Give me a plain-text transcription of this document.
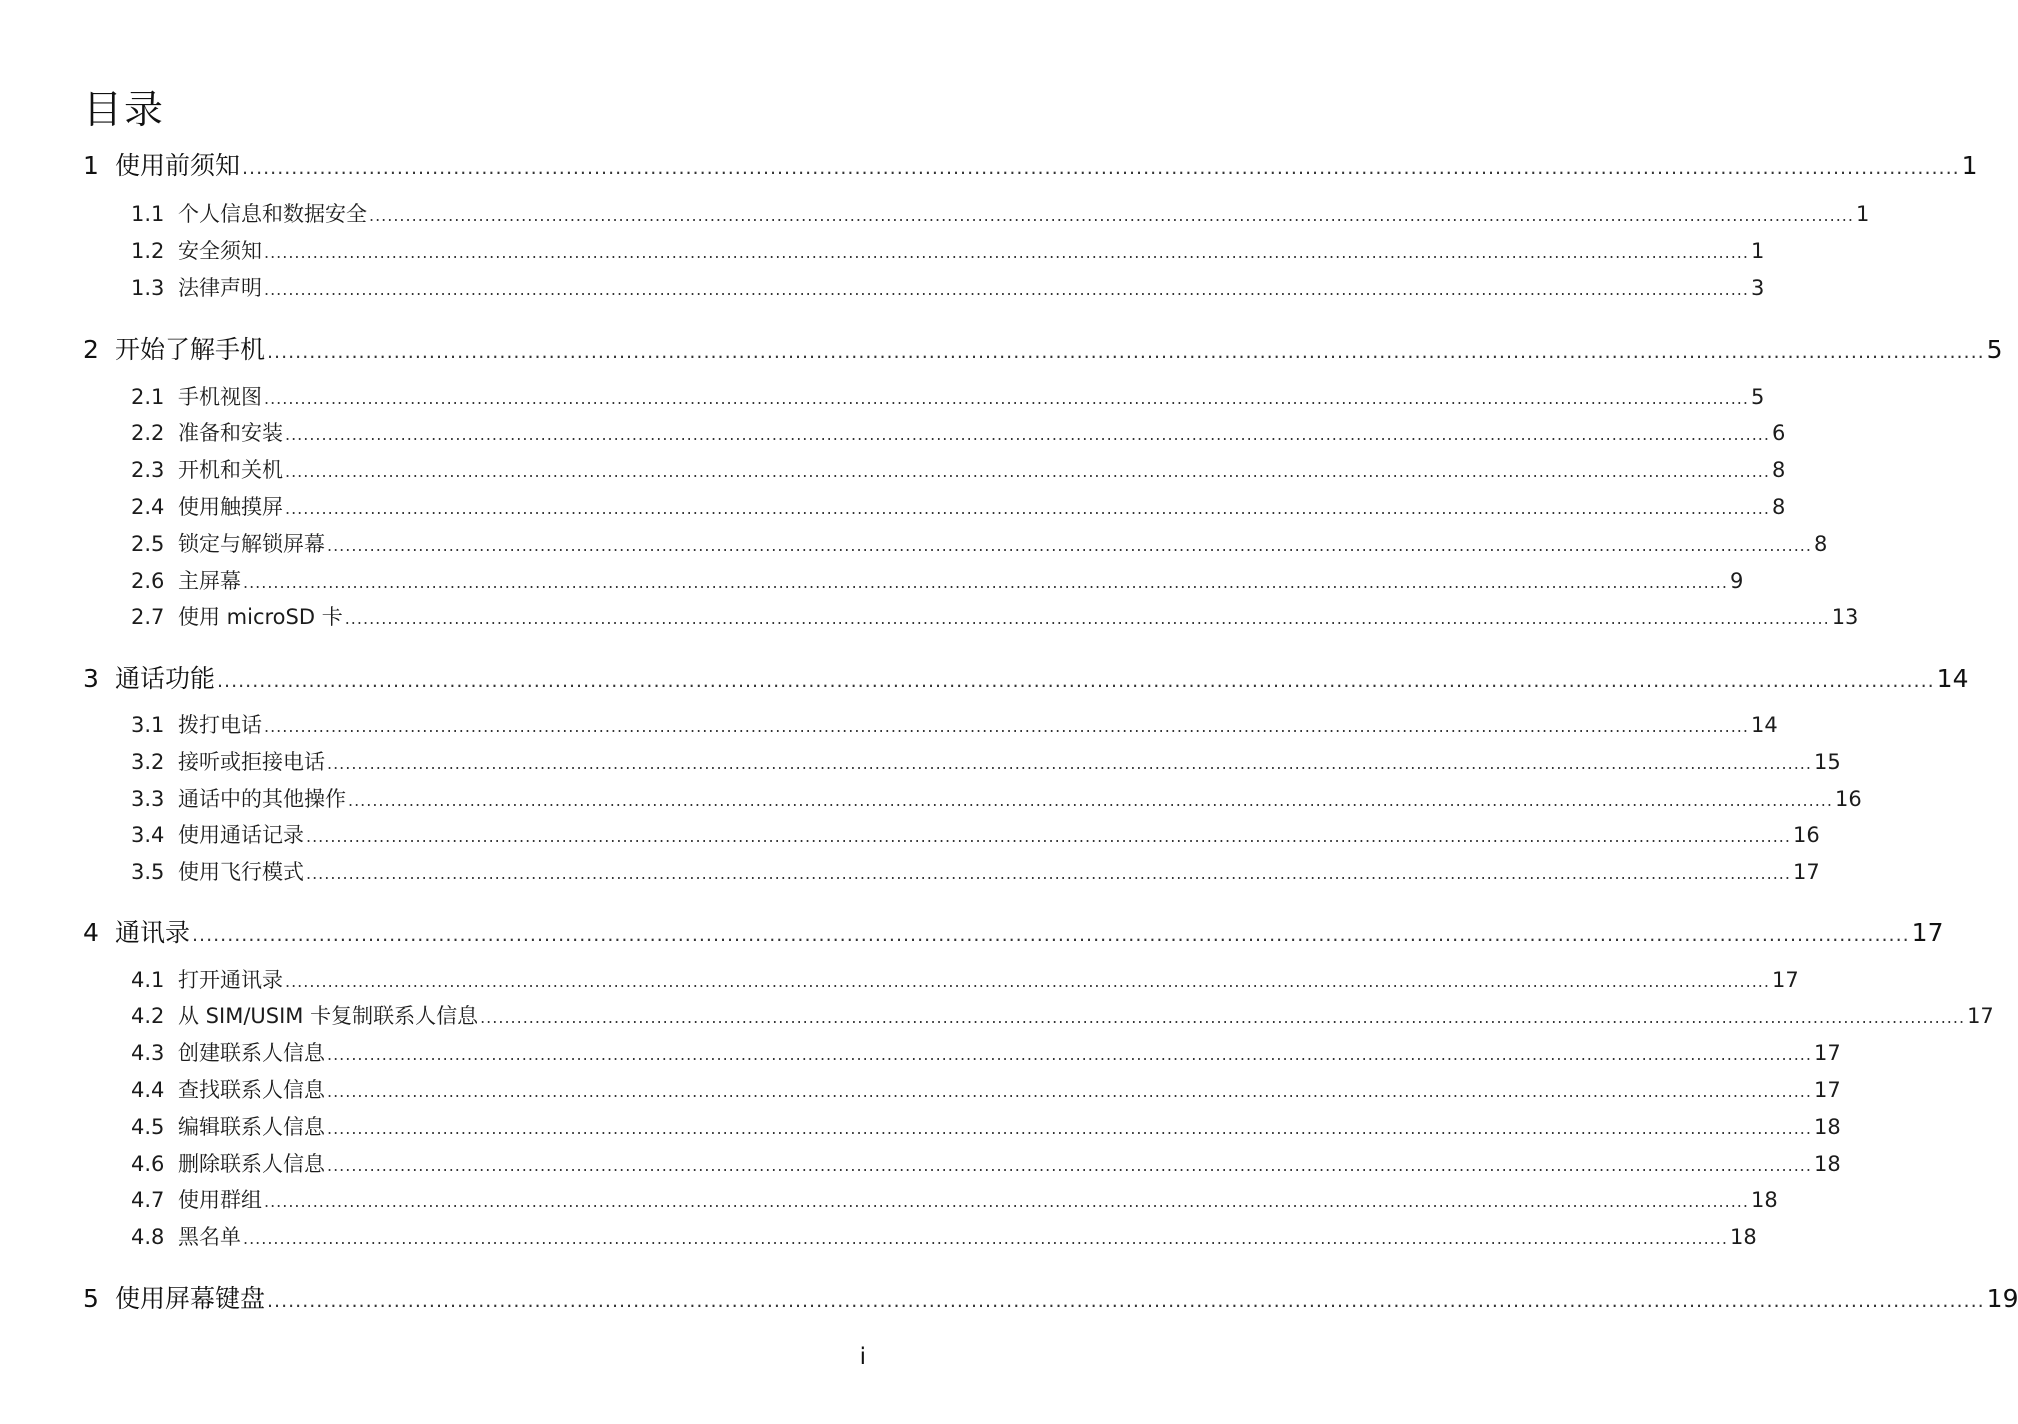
目录
1 使用前须知 .................................................................................................................................................................................................................................................... 1
1.1 个人信息和数据安全 .................................................................................................................................................................................................................................................... 1
1.2 安全须知 .................................................................................................................................................................................................................................................... 1
1.3 法律声明 .................................................................................................................................................................................................................................................... 3
2 开始了解手机 .................................................................................................................................................................................................................................................... 5
2.1 手机视图 .................................................................................................................................................................................................................................................... 5
2.2 准备和安装 .................................................................................................................................................................................................................................................... 6
2.3 开机和关机 .................................................................................................................................................................................................................................................... 8
2.4 使用触摸屏 .................................................................................................................................................................................................................................................... 8
2.5 锁定与解锁屏幕 .................................................................................................................................................................................................................................................... 8
2.6 主屏幕 .................................................................................................................................................................................................................................................... 9
2.7 使用 microSD 卡 .................................................................................................................................................................................................................................................... 13
3 通话功能 .................................................................................................................................................................................................................................................... 14
3.1 拨打电话 .................................................................................................................................................................................................................................................... 14
3.2 接听或拒接电话 .................................................................................................................................................................................................................................................... 15
3.3 通话中的其他操作 .................................................................................................................................................................................................................................................... 16
3.4 使用通话记录 .................................................................................................................................................................................................................................................... 16
3.5 使用飞行模式 .................................................................................................................................................................................................................................................... 17
4 通讯录 .................................................................................................................................................................................................................................................... 17
4.1 打开通讯录 .................................................................................................................................................................................................................................................... 17
4.2 从 SIM/USIM 卡复制联系人信息 .................................................................................................................................................................................................................................................... 17
4.3 创建联系人信息 .................................................................................................................................................................................................................................................... 17
4.4 查找联系人信息 .................................................................................................................................................................................................................................................... 17
4.5 编辑联系人信息 .................................................................................................................................................................................................................................................... 18
4.6 删除联系人信息 .................................................................................................................................................................................................................................................... 18
4.7 使用群组 .................................................................................................................................................................................................................................................... 18
4.8 黑名单 .................................................................................................................................................................................................................................................... 18
5 使用屏幕键盘 .................................................................................................................................................................................................................................................... 19
i
